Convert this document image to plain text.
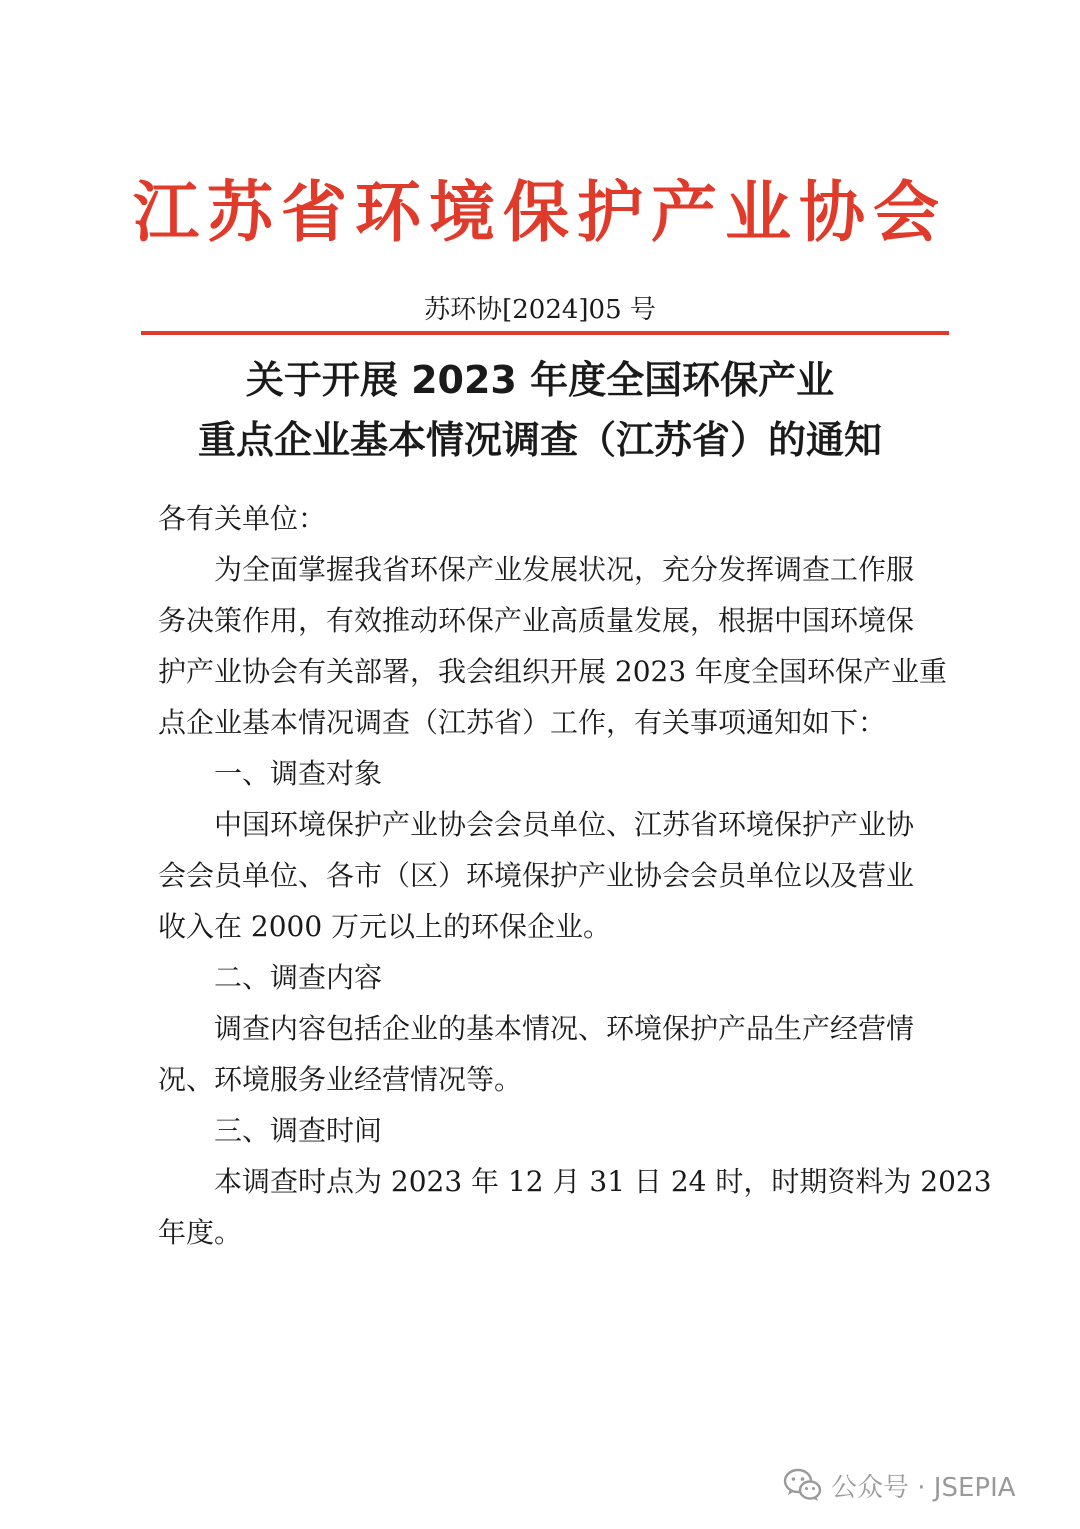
江苏省环境保护产业协会
苏环协[2024]05 号
关于开展 2023 年度全国环保产业
重点企业基本情况调查（江苏省）的通知
各有关单位：
　　为全面掌握我省环保产业发展状况，充分发挥调查工作服
务决策作用，有效推动环保产业高质量发展，根据中国环境保
护产业协会有关部署，我会组织开展 2023 年度全国环保产业重
点企业基本情况调查（江苏省）工作，有关事项通知如下：
　　一、调查对象
　　中国环境保护产业协会会员单位、江苏省环境保护产业协
会会员单位、各市（区）环境保护产业协会会员单位以及营业
收入在 2000 万元以上的环保企业。
　　二、调查内容
　　调查内容包括企业的基本情况、环境保护产品生产经营情
况、环境服务业经营情况等。
　　三、调查时间
　　本调查时点为 2023 年 12 月 31 日 24 时，时期资料为 2023
年度。
公众号 · JSEPIA
